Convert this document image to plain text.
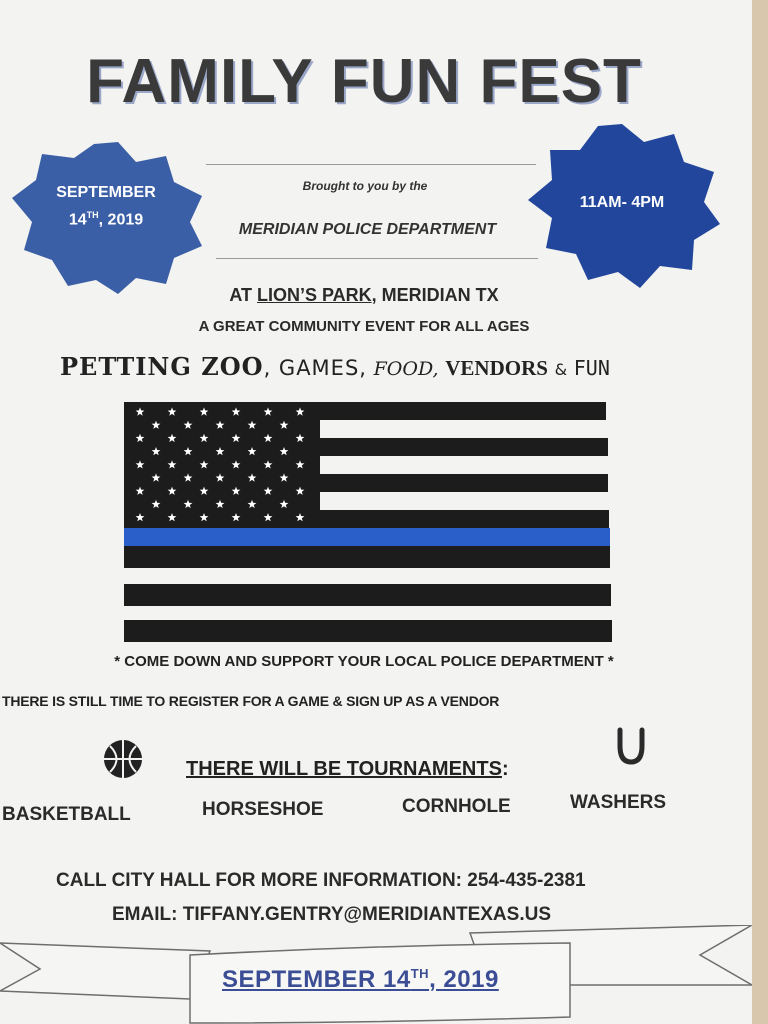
FAMILY FUN FEST
SEPTEMBER
14TH, 2019
11AM- 4PM
Brought to you by the
MERIDIAN POLICE DEPARTMENT
AT LION’S PARK, MERIDIAN TX
A GREAT COMMUNITY EVENT FOR ALL AGES
PETTING ZOO, GAMES, FOOD, VENDORS & FUN
* COME DOWN AND SUPPORT YOUR LOCAL POLICE DEPARTMENT *
THERE IS STILL TIME TO REGISTER FOR A GAME & SIGN UP AS A VENDOR
THERE WILL BE TOURNAMENTS:
BASKETBALL	HORSESHOE	CORNHOLE	WASHERS
CALL CITY HALL FOR MORE INFORMATION: 254-435-2381
EMAIL: TIFFANY.GENTRY@MERIDIANTEXAS.US
SEPTEMBER 14TH, 2019
